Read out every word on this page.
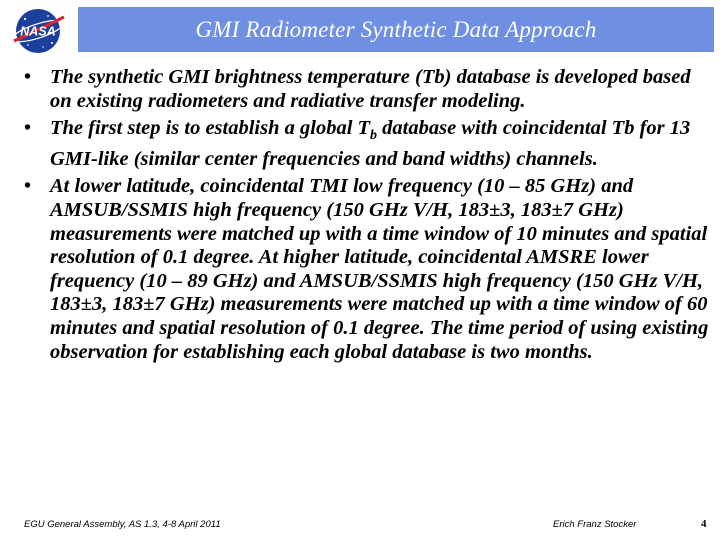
NASA	GMI Radiometer Synthetic Data Approach
• The synthetic GMI brightness temperature (Tb) database is developed based on existing radiometers and radiative transfer modeling.
• The first step is to establish a global $T_b$ database with coincidental Tb for 13 GMI-like (similar center frequencies and band widths) channels.
• At lower latitude, coincidental TMI low frequency (10 – 85 GHz) and AMSUB/SSMIS high frequency (150 GHz V/H, 183±3, 183±7 GHz) measurements were matched up with a time window of 10 minutes and spatial resolution of 0.1 degree. At higher latitude, coincidental AMSRE lower frequency (10 – 89 GHz) and AMSUB/SSMIS high frequency (150 GHz V/H, 183±3, 183±7 GHz) measurements were matched up with a time window of 60 minutes and spatial resolution of 0.1 degree. The time period of using existing observation for establishing each global database is two months.
EGU General Assembly, AS 1.3, 4-8 April 2011	Erich Franz Stocker	4
